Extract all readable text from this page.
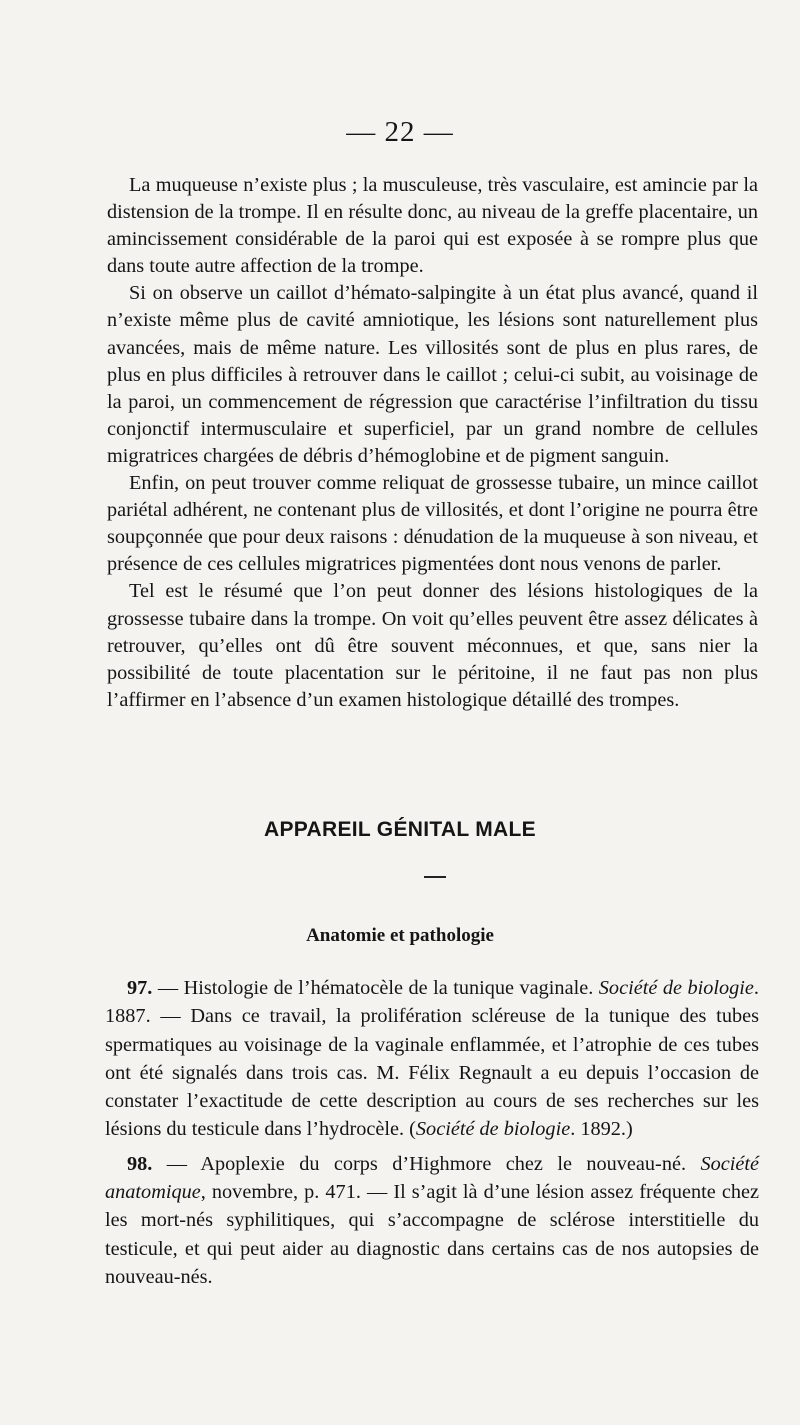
— 22 —

La muqueuse n’existe plus ; la musculeuse, très vasculaire, est amincie par la distension de la trompe. Il en résulte donc, au niveau de la greffe placentaire, un amincissement considérable de la paroi qui est exposée à se rompre plus que dans toute autre affection de la trompe.

Si on observe un caillot d’hémato-salpingite à un état plus avancé, quand il n’existe même plus de cavité amniotique, les lésions sont naturellement plus avancées, mais de même nature. Les villosités sont de plus en plus rares, de plus en plus difficiles à retrouver dans le caillot ; celui-ci subit, au voisinage de la paroi, un commencement de régression que caractérise l’infiltration du tissu conjonctif intermusculaire et superficiel, par un grand nombre de cellules migratrices chargées de débris d’hémoglobine et de pigment sanguin.

Enfin, on peut trouver comme reliquat de grossesse tubaire, un mince caillot pariétal adhérent, ne contenant plus de villosités, et dont l’origine ne pourra être soupçonnée que pour deux raisons : dénudation de la muqueuse à son niveau, et présence de ces cellules migratrices pigmentées dont nous venons de parler.

Tel est le résumé que l’on peut donner des lésions histologiques de la grossesse tubaire dans la trompe. On voit qu’elles peuvent être assez délicates à retrouver, qu’elles ont dû être souvent méconnues, et que, sans nier la possibilité de toute placentation sur le péritoine, il ne faut pas non plus l’affirmer en l’absence d’un examen histologique détaillé des trompes.

APPAREIL GÉNITAL MALE
Anatomie et pathologie

97. — Histologie de l’hématocèle de la tunique vaginale. Société de biologie. 1887. — Dans ce travail, la prolifération scléreuse de la tunique des tubes spermatiques au voisinage de la vaginale enflammée, et l’atrophie de ces tubes ont été signalés dans trois cas. M. Félix Regnault a eu depuis l’occasion de constater l’exactitude de cette description au cours de ses recherches sur les lésions du testicule dans l’hydrocèle. (Société de biologie. 1892.)

98. — Apoplexie du corps d’Highmore chez le nouveau-né. Société anatomique, novembre, p. 471. — Il s’agit là d’une lésion assez fréquente chez les mort-nés syphilitiques, qui s’accompagne de sclérose interstitielle du testicule, et qui peut aider au diagnostic dans certains cas de nos autopsies de nouveau-nés.
